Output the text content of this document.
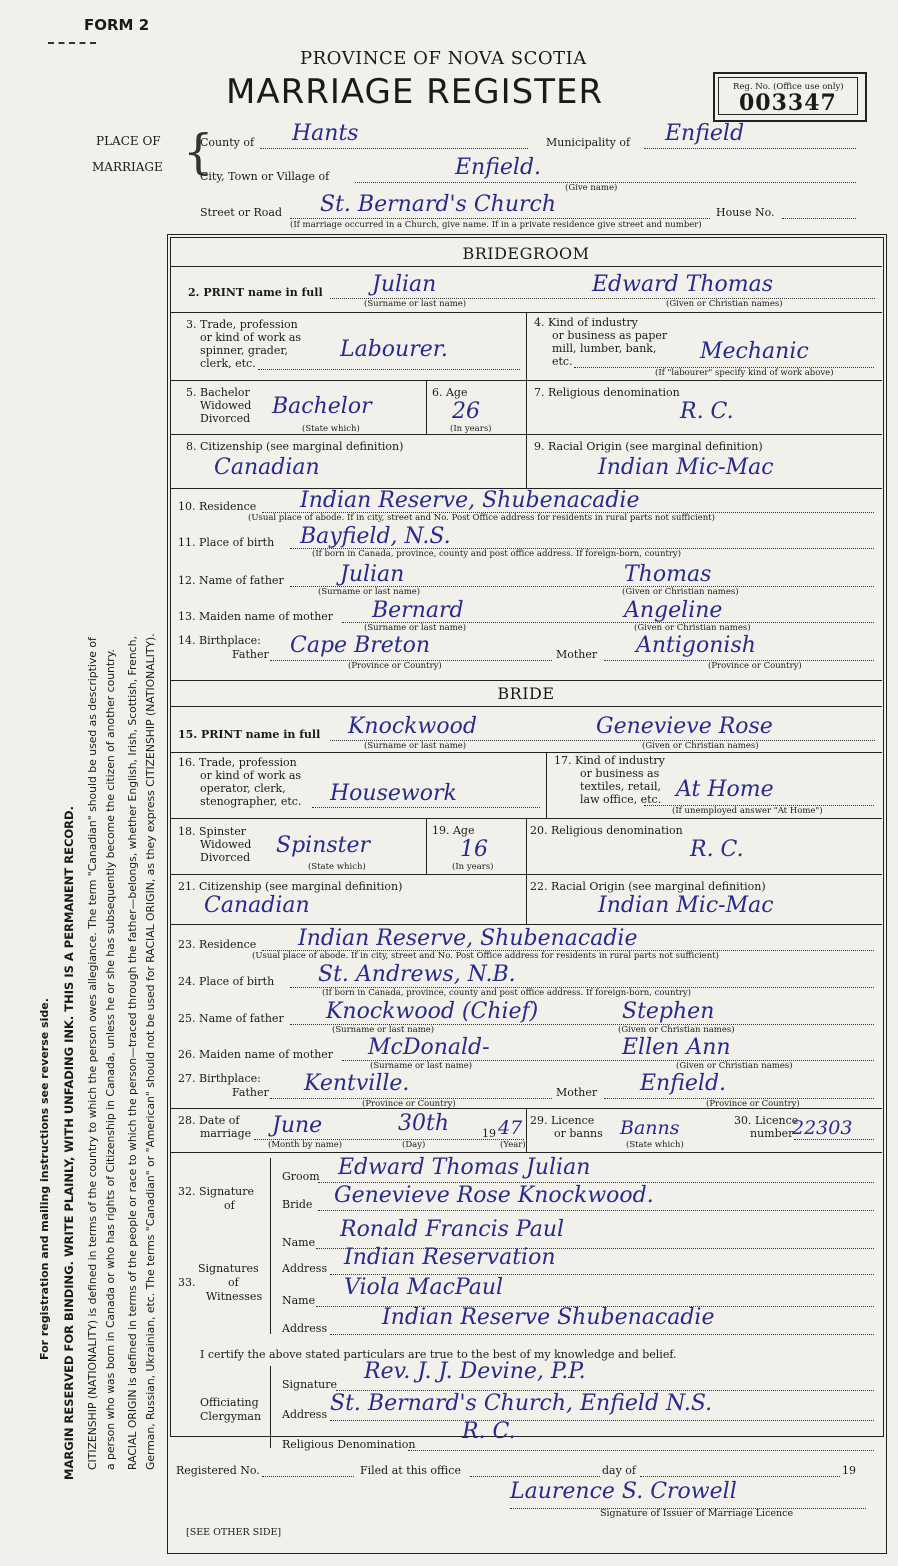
FORM 2
PROVINCE OF NOVA SCOTIA
MARRIAGE REGISTER	Reg. No. (Office use only)
003347
For registration and mailing instructions see reverse side. MARGIN RESERVED FOR BINDING. WRITE PLAINLY, WITH UNFADING INK. THIS IS A PERMANENT RECORD. CITIZENSHIP (NATIONALITY) is defined in terms of the country to which the person owes allegiance. The term "Canadian" should be used as descriptive of a person who was born in Canada or who has rights of Citizenship in Canada, unless he or she has subsequently become the citizen of another country. RACIAL ORIGIN is defined in terms of the people or race to which the person—traced through the father—belongs, whether English, Irish, Scottish, French, German, Russian, Ukrainian, etc. The terms "Canadian" or "American" should not be used for RACIAL ORIGIN, as they express CITIZENSHIP (NATIONALITY).
PLACE OF
MARRIAGE {
County of Hants	Municipality of Enfield
City, Town or Village of	Enfield.
(Give name)
Street or Road St. Bernard's Church	House No.
(If marriage occurred in a Church, give name. If in a private residence give street and number)
BRIDEGROOM
2. PRINT name in full Julian	Edward Thomas
(Surname or last name)	(Given or Christian names)
3. Trade, profession
or kind of work as
spinner, grader,
clerk, etc.
Labourer.
4. Kind of industry
or business as paper
mill, lumber, bank,
etc.	Mechanic
(If "labourer" specify kind of work above)
5. Bachelor
Widowed
Divorced Bachelor
(State which)
6. Age
26
(In years)
7. Religious denomination
R. C.
8. Citizenship (see marginal definition)
Canadian
9. Racial Origin (see marginal definition)
Indian Mic-Mac
10. Residence Indian Reserve, Shubenacadie
(Usual place of abode. If in city, street and No. Post Office address for residents in rural parts not sufficient)
11. Place of birth Bayfield, N.S.
(If born in Canada, province, county and post office address. If foreign-born, country)
12. Name of father	Julian	Thomas
(Surname or last name)	(Given or Christian names)
13. Maiden name of mother Bernard	Angeline
(Surname or last name)	(Given or Christian names)
14. Birthplace:
Father Cape Breton	Mother Antigonish
(Province or Country)	(Province or Country)
BRIDE
15. PRINT name in full Knockwood	Genevieve Rose
(Surname or last name)	(Given or Christian names)
16. Trade, profession
or kind of work as
operator, clerk,
stenographer, etc. Housework
17. Kind of industry
or business as
textiles, retail,
law office, etc. At Home
(If unemployed answer "At Home")
18. Spinster
Widowed
Divorced Spinster
(State which)
19. Age
16
(In years)
20. Religious denomination
R. C.
21. Citizenship (see marginal definition)
Canadian
22. Racial Origin (see marginal definition)
Indian Mic-Mac
23. Residence Indian Reserve, Shubenacadie
(Usual place of abode. If in city, street and No. Post Office address for residents in rural parts not sufficient)
24. Place of birth St. Andrews, N.B.
(If born in Canada, province, county and post office address. If foreign-born, country)
25. Name of father Knockwood (Chief)	Stephen
(Surname or last name)	(Given or Christian names)
26. Maiden name of mother McDonald-	Ellen Ann
(Surname or last name)	(Given or Christian names)
27. Birthplace:
Father Kentville.	Mother Enfield.
(Province or Country)	(Province or Country)
28. Date of
marriage June	30th	19 47
(Month by name)	(Day)	(Year)
29. Licence
or banns Banns
(State which)
30. Licence
number
22303
32. Signature
of
Groom Edward Thomas Julian
Bride Genevieve Rose Knockwood.
Signatures
of
33.
Witnesses
Name
Ronald Francis Paul
Address Indian Reservation
Name
Viola MacPaul
Address Indian Reserve Shubenacadie
I certify the above stated particulars are true to the best of my knowledge and belief.
Officiating
Clergyman
Signature
Rev. J. J. Devine, P.P.
Address St. Bernard's Church, Enfield N.S.
Religious Denomination
R. C.
Registered No.	Filed at this office	day of	19
Laurence S. Crowell
Signature of Issuer of Marriage Licence
[SEE OTHER SIDE]
